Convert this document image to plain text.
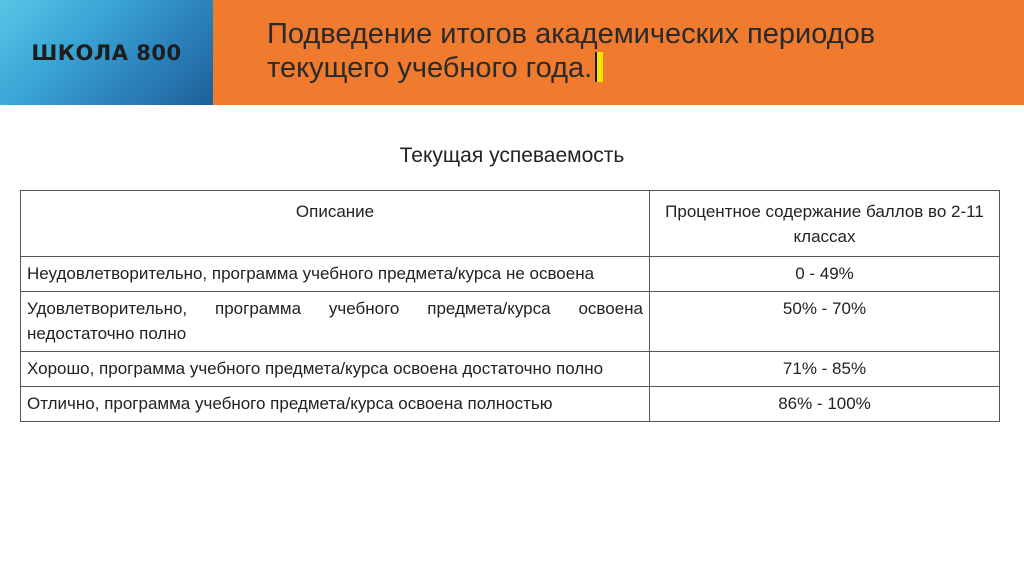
ШКОЛА 800
Подведение итогов академических периодов текущего учебного года.
Текущая успеваемость
Описание	Процентное содержание баллов во 2-11 классах
Неудовлетворительно, программа учебного предмета/курса не освоена	0 - 49%
Удовлетворительно, программа учебного предмета/курса освоена недостаточно полно	50% - 70%
Хорошо, программа учебного предмета/курса освоена достаточно полно	71% - 85%
Отлично, программа учебного предмета/курса освоена полностью	86% - 100%
